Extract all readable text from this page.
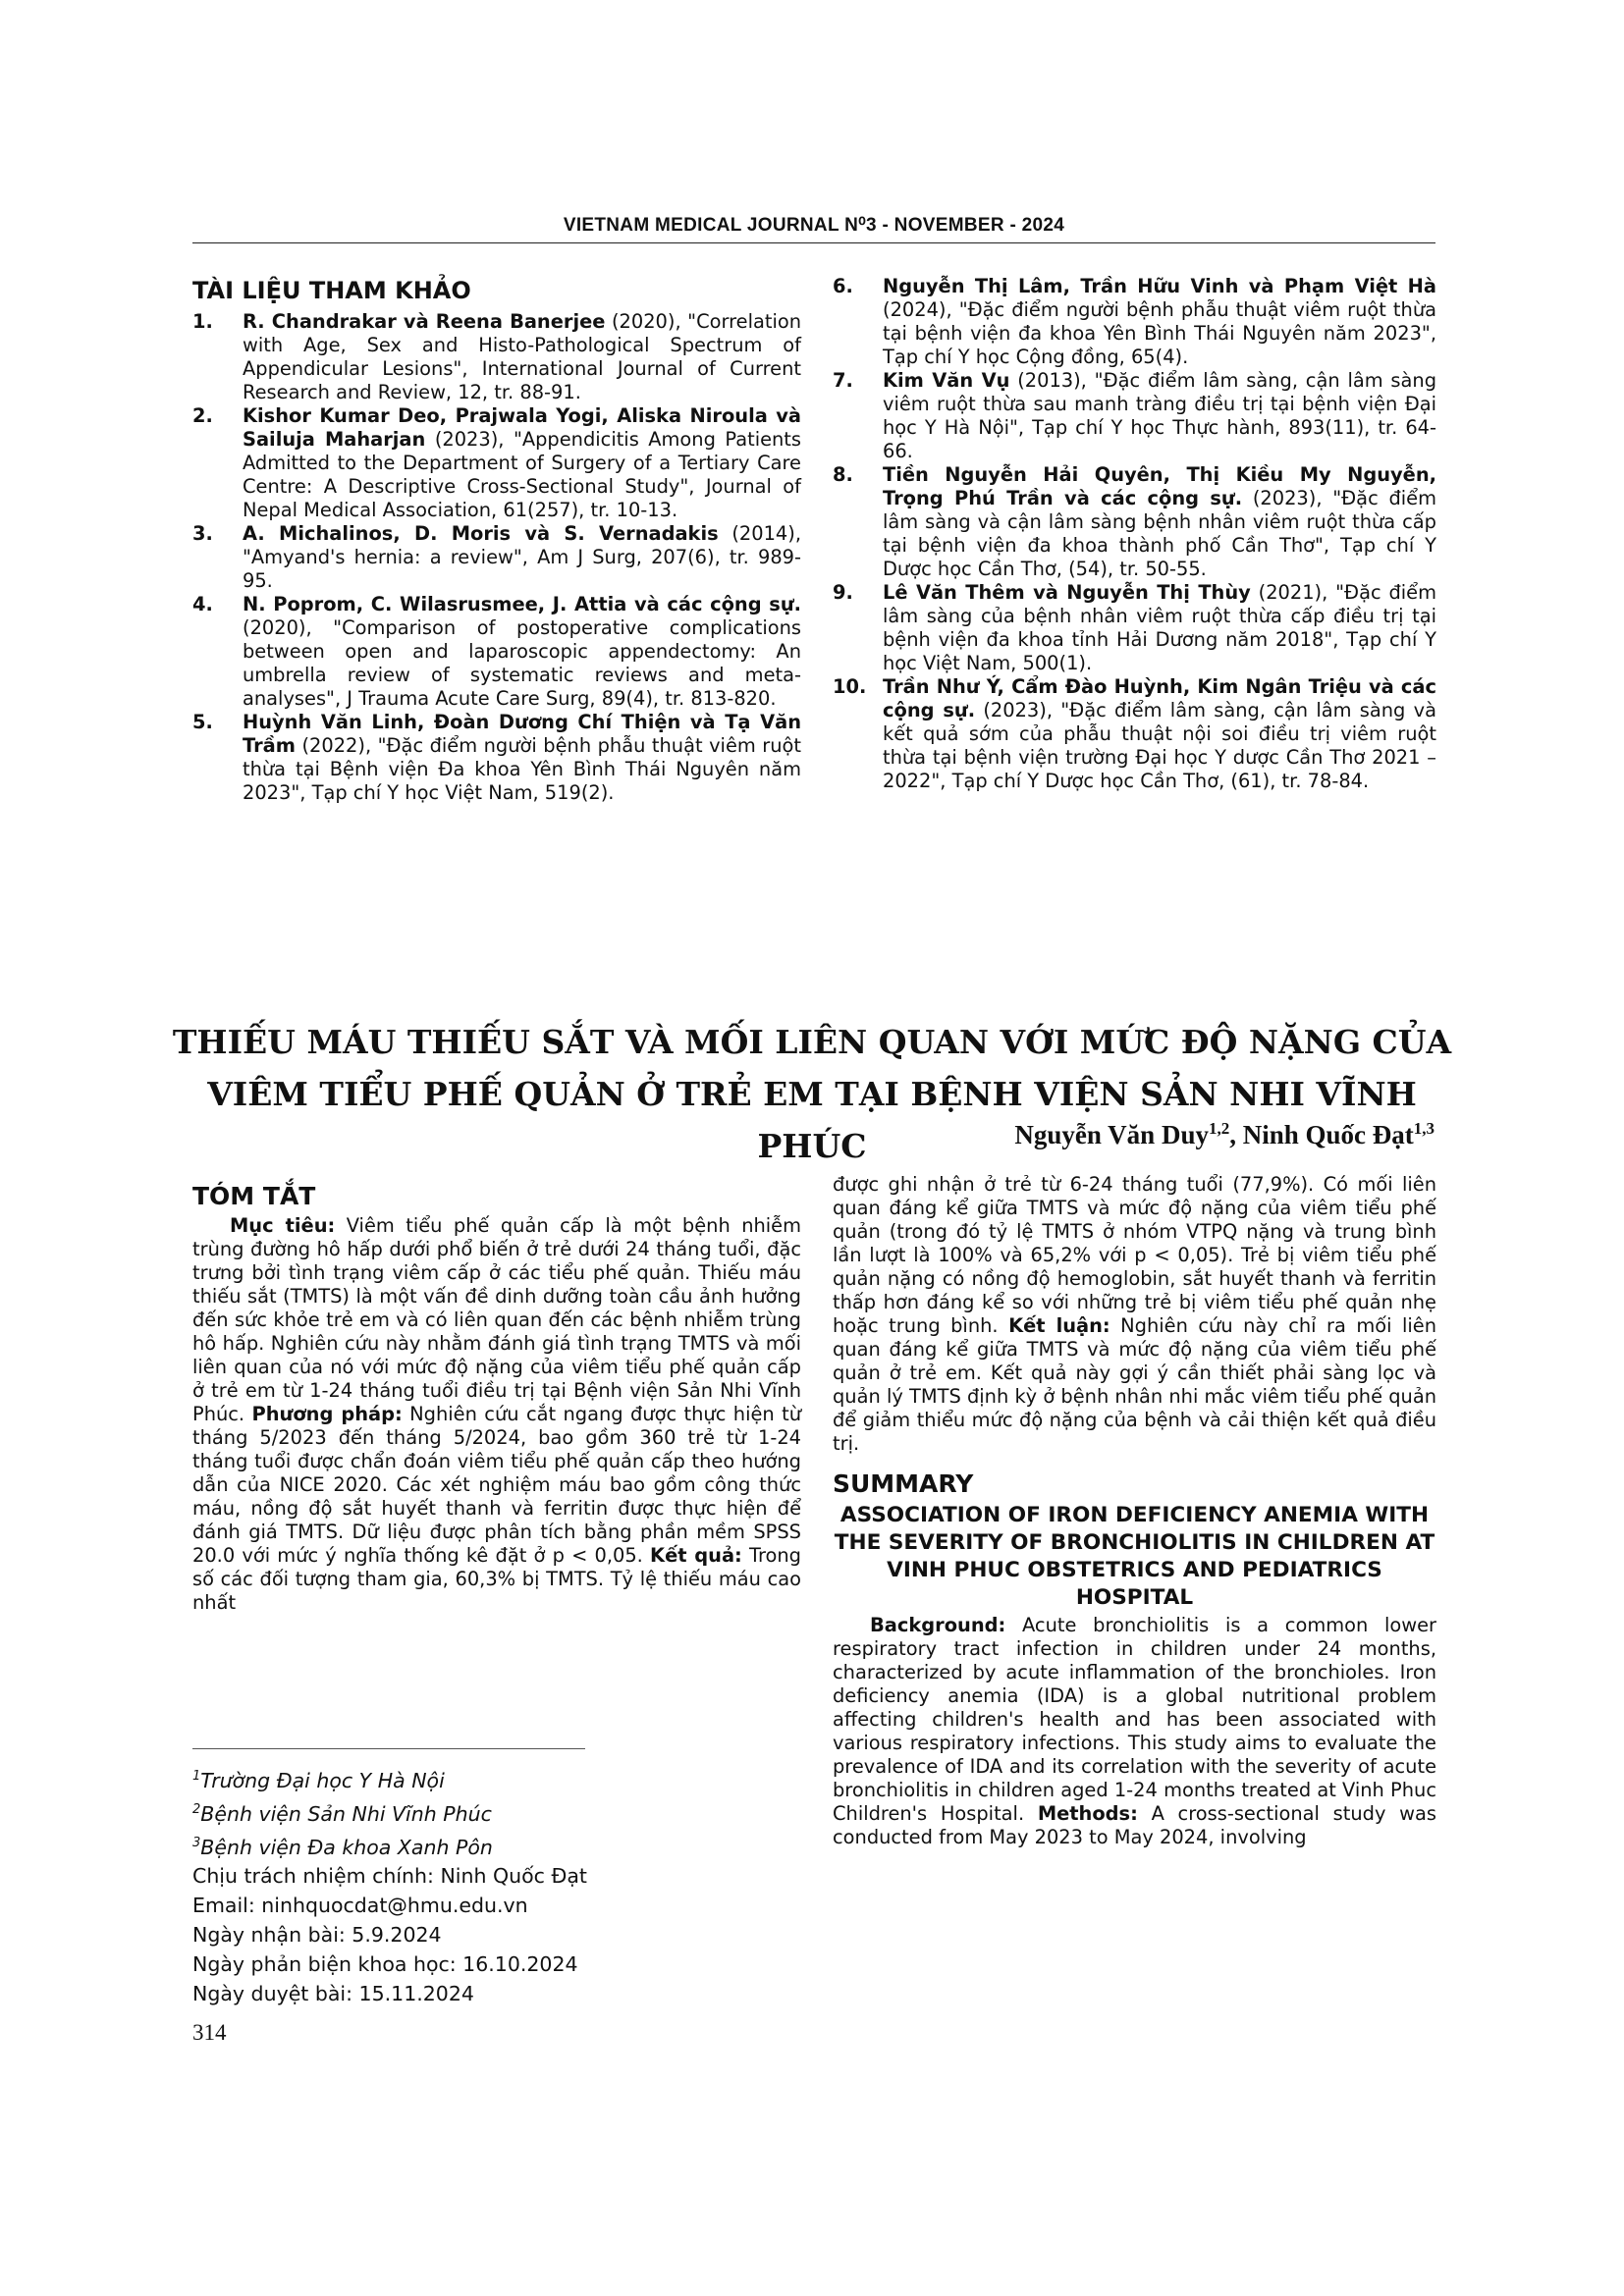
VIETNAM MEDICAL JOURNAL N⁰3 - NOVEMBER - 2024
TÀI LIỆU THAM KHẢO
1.	R. Chandrakar và Reena Banerjee (2020), "Correlation with Age, Sex and Histo-Pathological Spectrum of Appendicular Lesions", International Journal of Current Research and Review, 12, tr. 88-91.
2.	Kishor Kumar Deo, Prajwala Yogi, Aliska Niroula và Sailuja Maharjan (2023), "Appendicitis Among Patients Admitted to the Department of Surgery of a Tertiary Care Centre: A Descriptive Cross-Sectional Study", Journal of Nepal Medical Association, 61(257), tr. 10-13.
3.	A. Michalinos, D. Moris và S. Vernadakis (2014), "Amyand's hernia: a review", Am J Surg, 207(6), tr. 989-95.
4.	N. Poprom, C. Wilasrusmee, J. Attia và các cộng sự. (2020), "Comparison of postoperative complications between open and laparoscopic appendectomy: An umbrella review of systematic reviews and meta-analyses", J Trauma Acute Care Surg, 89(4), tr. 813-820.
5.	Huỳnh Văn Linh, Đoàn Dương Chí Thiện và Tạ Văn Trầm (2022), "Đặc điểm người bệnh phẫu thuật viêm ruột thừa tại Bệnh viện Đa khoa Yên Bình Thái Nguyên năm 2023", Tạp chí Y học Việt Nam, 519(2).
6.	Nguyễn Thị Lâm, Trần Hữu Vinh và Phạm Việt Hà (2024), "Đặc điểm người bệnh phẫu thuật viêm ruột thừa tại bệnh viện đa khoa Yên Bình Thái Nguyên năm 2023", Tạp chí Y học Cộng đồng, 65(4).
7.	Kim Văn Vụ (2013), "Đặc điểm lâm sàng, cận lâm sàng viêm ruột thừa sau manh tràng điều trị tại bệnh viện Đại học Y Hà Nội", Tạp chí Y học Thực hành, 893(11), tr. 64-66.
8.	Tiền Nguyễn Hải Quyên, Thị Kiều My Nguyễn, Trọng Phú Trần và các cộng sự. (2023), "Đặc điểm lâm sàng và cận lâm sàng bệnh nhân viêm ruột thừa cấp tại bệnh viện đa khoa thành phố Cần Thơ", Tạp chí Y Dược học Cần Thơ, (54), tr. 50-55.
9.	Lê Văn Thêm và Nguyễn Thị Thùy (2021), "Đặc điểm lâm sàng của bệnh nhân viêm ruột thừa cấp điều trị tại bệnh viện đa khoa tỉnh Hải Dương năm 2018", Tạp chí Y học Việt Nam, 500(1).
10. Trần Như Ý, Cẩm Đào Huỳnh, Kim Ngân Triệu và các cộng sự. (2023), "Đặc điểm lâm sàng, cận lâm sàng và kết quả sớm của phẫu thuật nội soi điều trị viêm ruột thừa tại bệnh viện trường Đại học Y dược Cần Thơ 2021 – 2022", Tạp chí Y Dược học Cần Thơ, (61), tr. 78-84.
THIẾU MÁU THIẾU SẮT VÀ MỐI LIÊN QUAN VỚI MỨC ĐỘ NẶNG CỦA
VIÊM TIỂU PHẾ QUẢN Ở TRẺ EM TẠI BỆNH VIỆN SẢN NHI VĨNH PHÚC	Nguyễn Văn Duy$^{1,2}$, Ninh Quốc Đạt$^{1,3}$
TÓM TẮT

Mục tiêu: Viêm tiểu phế quản cấp là một bệnh nhiễm trùng đường hô hấp dưới phổ biến ở trẻ dưới 24 tháng tuổi, đặc trưng bởi tình trạng viêm cấp ở các tiểu phế quản. Thiếu máu thiếu sắt (TMTS) là một vấn đề dinh dưỡng toàn cầu ảnh hưởng đến sức khỏe trẻ em và có liên quan đến các bệnh nhiễm trùng hô hấp. Nghiên cứu này nhằm đánh giá tình trạng TMTS và mối liên quan của nó với mức độ nặng của viêm tiểu phế quản cấp ở trẻ em từ 1-24 tháng tuổi điều trị tại Bệnh viện Sản Nhi Vĩnh Phúc. Phương pháp: Nghiên cứu cắt ngang được thực hiện từ tháng 5/2023 đến tháng 5/2024, bao gồm 360 trẻ từ 1-24 tháng tuổi được chẩn đoán viêm tiểu phế quản cấp theo hướng dẫn của NICE 2020. Các xét nghiệm máu bao gồm công thức máu, nồng độ sắt huyết thanh và ferritin được thực hiện để đánh giá TMTS. Dữ liệu được phân tích bằng phần mềm SPSS 20.0 với mức ý nghĩa thống kê đặt ở p < 0,05. Kết quả: Trong số các đối tượng tham gia, 60,3% bị TMTS. Tỷ lệ thiếu máu cao nhất

$^1$Trường Đại học Y Hà Nội

$^2$Bệnh viện Sản Nhi Vĩnh Phúc

$^3$Bệnh viện Đa khoa Xanh Pôn

Chịu trách nhiệm chính: Ninh Quốc Đạt

Email: ninhquocdat@hmu.edu.vn

Ngày nhận bài: 5.9.2024

Ngày phản biện khoa học: 16.10.2024

Ngày duyệt bài: 15.11.2024

được ghi nhận ở trẻ từ 6-24 tháng tuổi (77,9%). Có mối liên quan đáng kể giữa TMTS và mức độ nặng của viêm tiểu phế quản (trong đó tỷ lệ TMTS ở nhóm VTPQ nặng và trung bình lần lượt là 100% và 65,2% với p < 0,05). Trẻ bị viêm tiểu phế quản nặng có nồng độ hemoglobin, sắt huyết thanh và ferritin thấp hơn đáng kể so với những trẻ bị viêm tiểu phế quản nhẹ hoặc trung bình. Kết luận: Nghiên cứu này chỉ ra mối liên quan đáng kể giữa TMTS và mức độ nặng của viêm tiểu phế quản ở trẻ em. Kết quả này gợi ý cần thiết phải sàng lọc và quản lý TMTS định kỳ ở bệnh nhân nhi mắc viêm tiểu phế quản để giảm thiểu mức độ nặng của bệnh và cải thiện kết quả điều trị.

SUMMARY
ASSOCIATION OF IRON DEFICIENCY ANEMIA WITH THE SEVERITY OF BRONCHIOLITIS IN CHILDREN AT VINH PHUC OBSTETRICS AND PEDIATRICS HOSPITAL

Background: Acute bronchiolitis is a common lower respiratory tract infection in children under 24 months, characterized by acute inflammation of the bronchioles. Iron deficiency anemia (IDA) is a global nutritional problem affecting children's health and has been associated with various respiratory infections. This study aims to evaluate the prevalence of IDA and its correlation with the severity of acute bronchiolitis in children aged 1-24 months treated at Vinh Phuc Children's Hospital. Methods: A cross-sectional study was conducted from May 2023 to May 2024, involving

314
